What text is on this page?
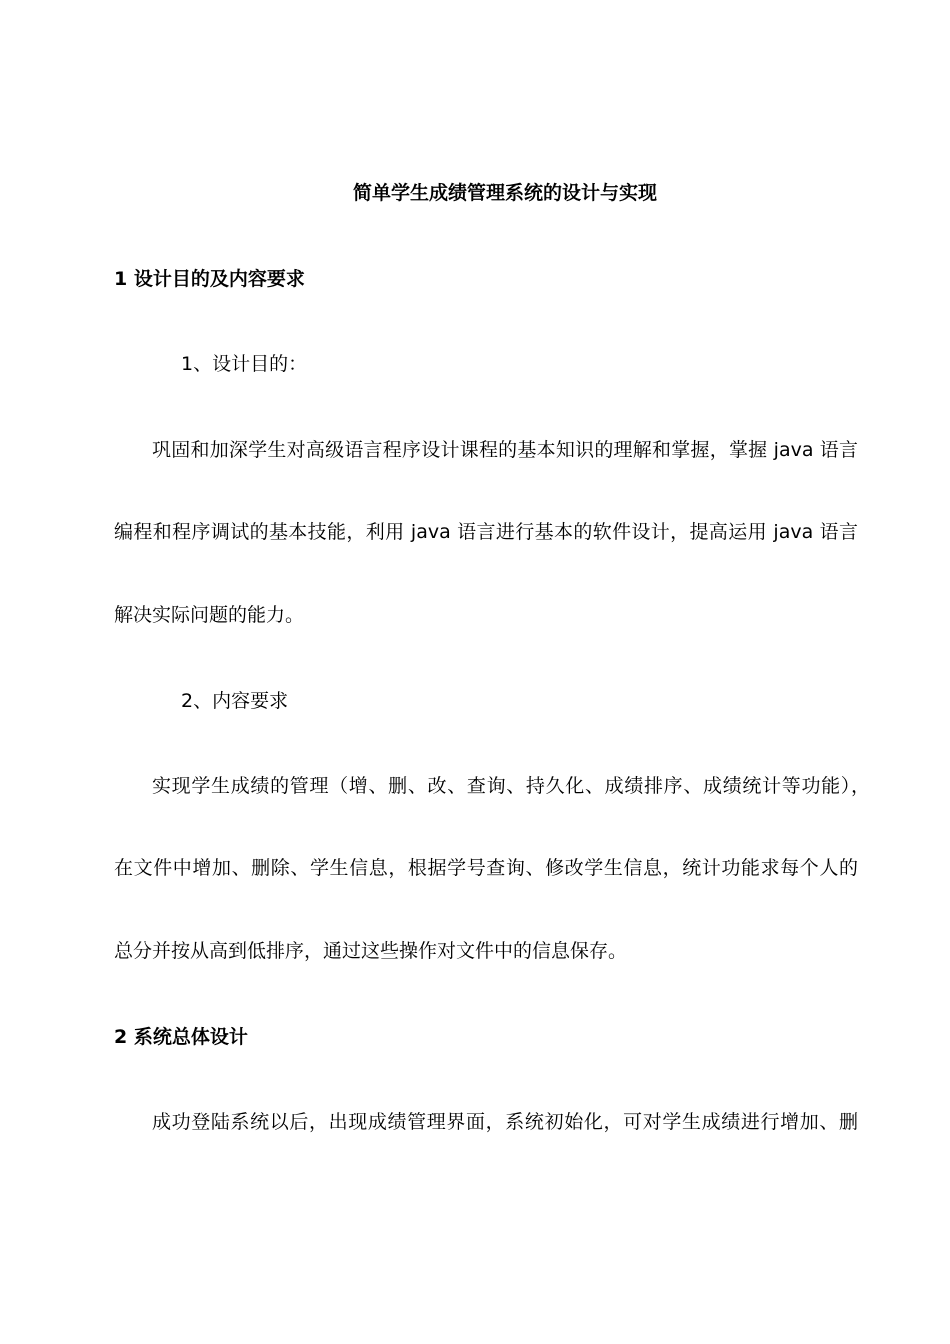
简单学生成绩管理系统的设计与实现
1 设计目的及内容要求
1、设计目的：
巩固和加深学生对高级语言程序设计课程的基本知识的理解和掌握，掌握 java 语言
编程和程序调试的基本技能，利用 java 语言进行基本的软件设计，提高运用 java 语言
解决实际问题的能力。
2、内容要求
实现学生成绩的管理（增、删、改、查询、持久化、成绩排序、成绩统计等功能），
在文件中增加、删除、学生信息，根据学号查询、修改学生信息，统计功能求每个人的
总分并按从高到低排序，通过这些操作对文件中的信息保存。
2 系统总体设计
成功登陆系统以后，出现成绩管理界面，系统初始化，可对学生成绩进行增加、删
